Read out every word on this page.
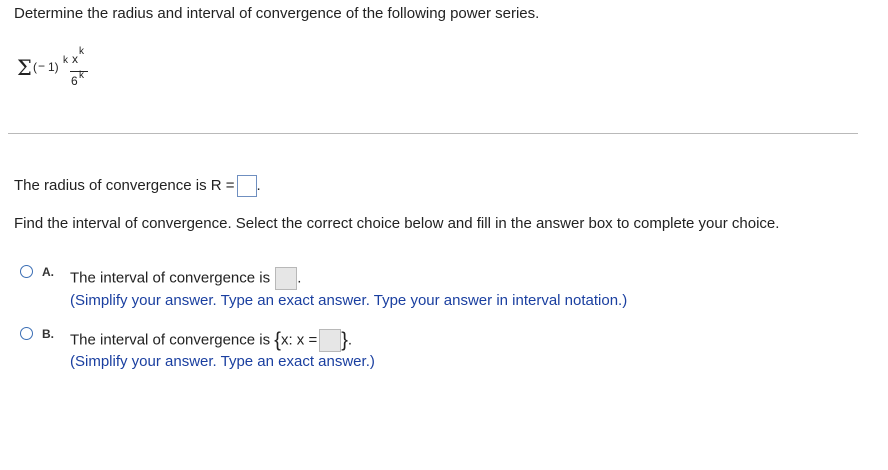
Determine the radius and interval of convergence of the following power series.
Σ ( − 1) k x
k
6 k
The radius of convergence is R = .
Find the interval of convergence. Select the correct choice below and fill in the answer box to complete your choice.
A. The interval of convergence is .
(Simplify your answer. Type an exact answer. Type your answer in interval notation.)
B. The interval of convergence is {x: x = }.
(Simplify your answer. Type an exact answer.)
